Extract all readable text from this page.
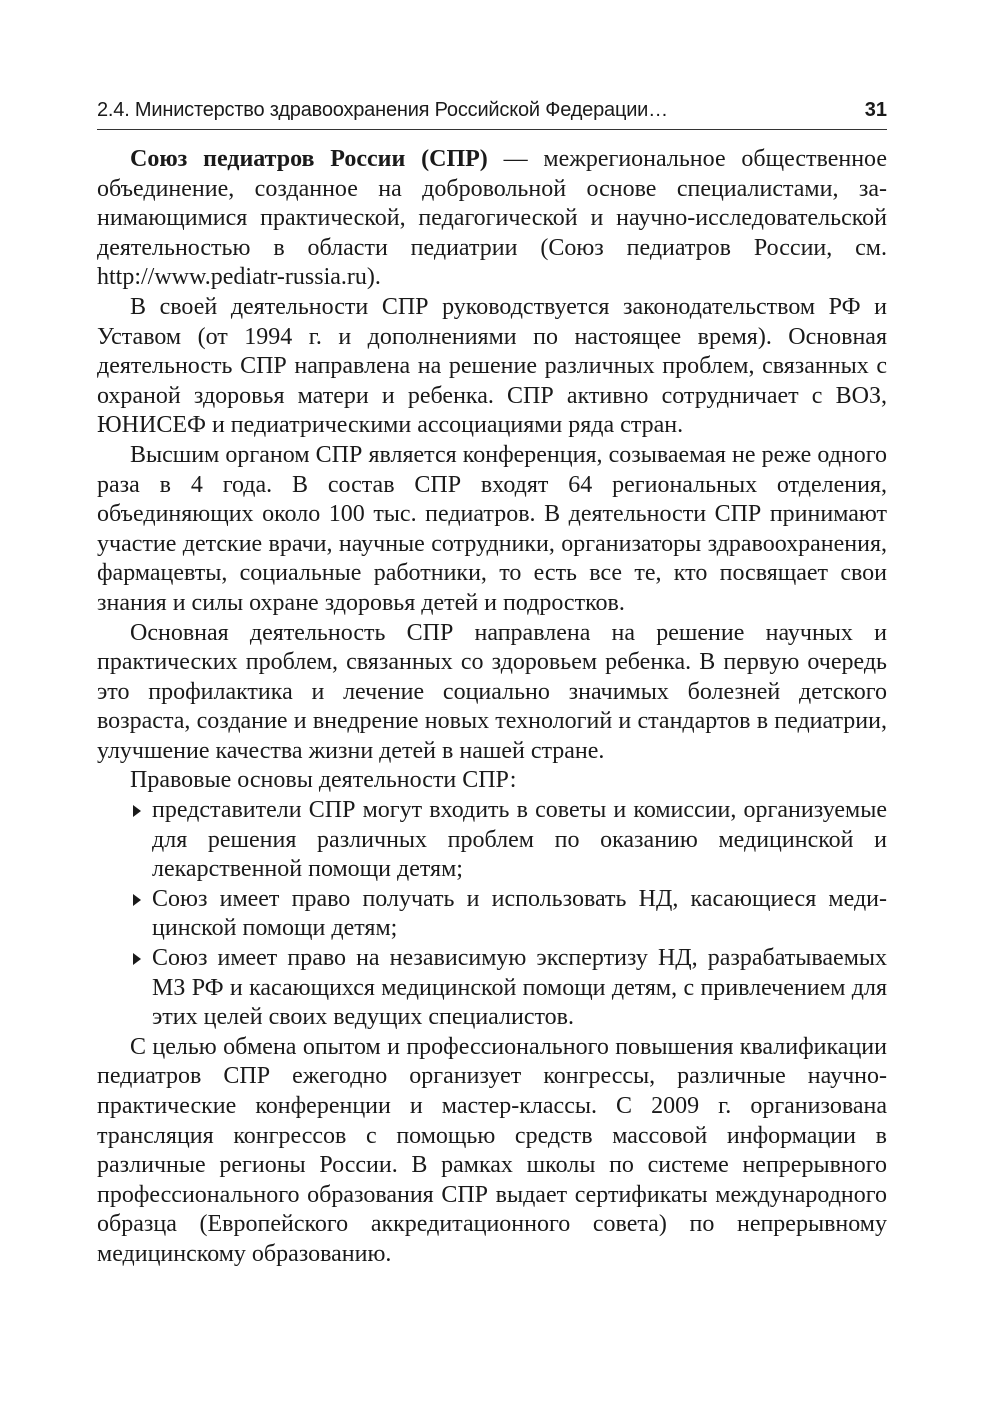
2.4. Министерство здравоохранения Российской Федерации…	31

Союз педиатров России (СПР) — межрегиональное общественное объединение, созданное на добровольной основе специалистами, занимающимися практической, педагогической и научно-исследовательской деятельностью в области педиатрии (Союз педиатров России, см. http://www.pediatr-russia.ru).

В своей деятельности СПР руководствуется законодательством РФ и Уставом (от 1994 г. и дополнениями по настоящее время). Основная деятельность СПР направлена на решение различных проблем, связанных с охраной здоровья матери и ребенка. СПР активно сотрудничает с ВОЗ, ЮНИСЕФ и педиатрическими ассоциациями ряда стран.

Высшим органом СПР является конференция, созываемая не реже одного раза в 4 года. В состав СПР входят 64 региональных отделения, объединяющих около 100 тыс. педиатров. В деятельности СПР принимают участие детские врачи, научные сотрудники, организаторы здравоохранения, фармацевты, социальные работники, то есть все те, кто посвящает свои знания и силы охране здоровья детей и подростков.

Основная деятельность СПР направлена на решение научных и практических проблем, связанных со здоровьем ребенка. В первую очередь это профилактика и лечение социально значимых болезней детского возраста, создание и внедрение новых технологий и стандартов в педиатрии, улучшение качества жизни детей в нашей стране.

Правовые основы деятельности СПР:

представители СПР могут входить в советы и комиссии, организуемые для решения различных проблем по оказанию медицинской и лекарственной помощи детям;
Союз имеет право получать и использовать НД, касающиеся медицинской помощи детям;
Союз имеет право на независимую экспертизу НД, разрабатываемых МЗ РФ и касающихся медицинской помощи детям, с привлечением для этих целей своих ведущих специалистов.

С целью обмена опытом и профессионального повышения квалификации педиатров СПР ежегодно организует конгрессы, различные научно-практические конференции и мастер-классы. С 2009 г. организована трансляция конгрессов с помощью средств массовой информации в различные регионы России. В рамках школы по системе непрерывного профессионального образования СПР выдает сертификаты международного образца (Европейского аккредитационного совета) по непрерывному медицинскому образованию.
